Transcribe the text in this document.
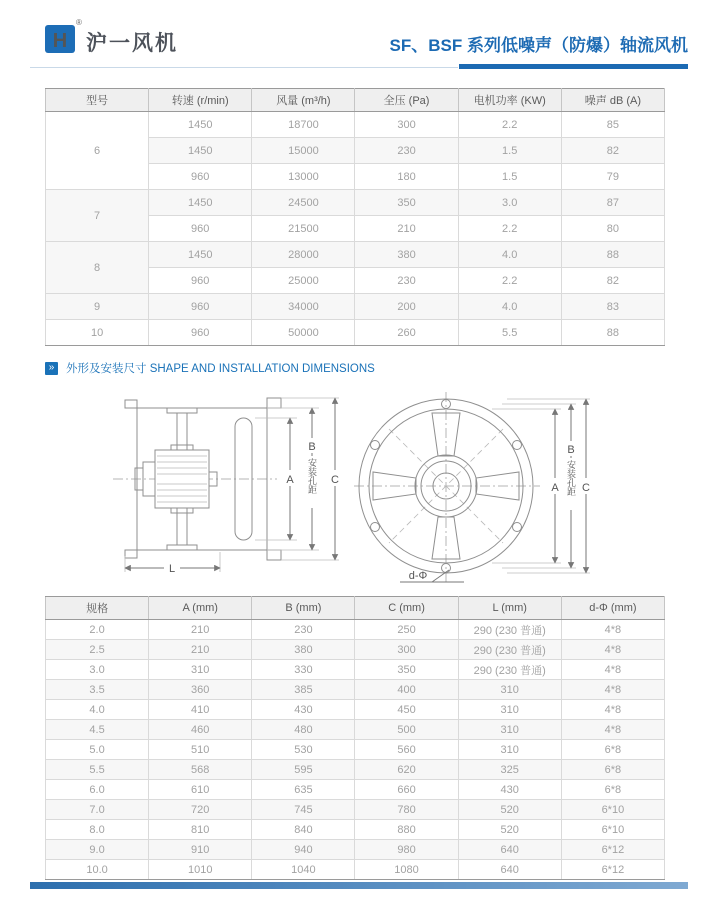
H
®
沪一风机	SF、BSF 系列低噪声（防爆）轴流风机
型号	转速 (r/min)	风量 (m³/h)	全压 (Pa)	电机功率 (KW)	噪声 dB (A)
6	1450	18700	300	2.2	85
	1450	15000	230	1.5	82
	960	13000	180	1.5	79
7	1450	24500	350	3.0	87
	960	21500	210	2.2	80
8	1450	28000	380	4.0	88
	960	25000	230	2.2	82
9	960	34000	200	4.0	83
10	960	50000	260	5.5	88
»	外形及安装尺寸 SHAPE AND INSTALLATION DIMENSIONS
A
B
安装孔距 C
L
A
B
安装孔距 C
d-Φ
规格	A (mm)	B (mm)	C (mm)	L (mm)	d-Φ (mm)
2.0	210	230	250	290 (230 普通)	4*8
2.5	210	380	300	290 (230 普通)	4*8
3.0	310	330	350	290 (230 普通)	4*8
3.5	360	385	400	310	4*8
4.0	410	430	450	310	4*8
4.5	460	480	500	310	4*8
5.0	510	530	560	310	6*8
5.5	568	595	620	325	6*8
6.0	610	635	660	430	6*8
7.0	720	745	780	520	6*10
8.0	810	840	880	520	6*10
9.0	910	940	980	640	6*12
10.0	1010	1040	1080	640	6*12
